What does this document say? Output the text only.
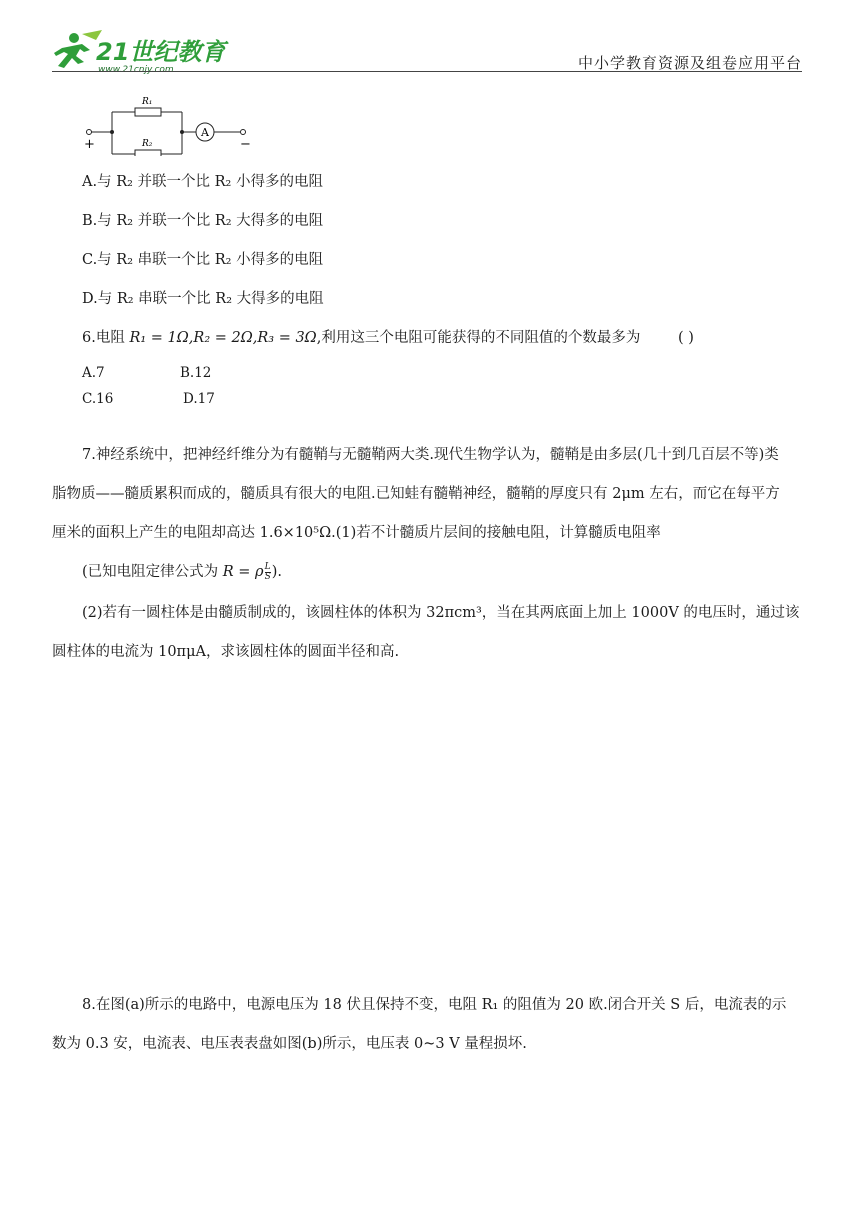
21世纪教育
www.21cnjy.com	中小学教育资源及组卷应用平台
R₁
R₂
A
+	−
A.与 R₂ 并联一个比 R₂ 小得多的电阻
B.与 R₂ 并联一个比 R₂ 大得多的电阻
C.与 R₂ 串联一个比 R₂ 小得多的电阻
D.与 R₂ 串联一个比 R₂ 大得多的电阻
6.电阻 R₁ = 1Ω,R₂ = 2Ω,R₃ = 3Ω,利用这三个电阻可能获得的不同阻值的个数最多为	( )
A.7	B.12
C.16	D.17
7.神经系统中，把神经纤维分为有髓鞘与无髓鞘两大类.现代生物学认为，髓鞘是由多层(几十到几百层不等)类
脂物质——髓质累积而成的，髓质具有很大的电阻.已知蛙有髓鞘神经，髓鞘的厚度只有 2μm 左右，而它在每平方
厘米的面积上产生的电阻却高达 1.6×10⁵Ω.(1)若不计髓质片层间的接触电阻，计算髓质电阻率
(已知电阻定律公式为 R = ρ $\frac{L}{S}$ ).
(2)若有一圆柱体是由髓质制成的，该圆柱体的体积为 32πcm³，当在其两底面上加上 1000V 的电压时，通过该
圆柱体的电流为 10πμA，求该圆柱体的圆面半径和高.
8.在图(a)所示的电路中，电源电压为 18 伏且保持不变，电阻 R₁ 的阻值为 20 欧.闭合开关 S 后，电流表的示
数为 0.3 安，电流表、电压表表盘如图(b)所示，电压表 0~3 V 量程损坏.
